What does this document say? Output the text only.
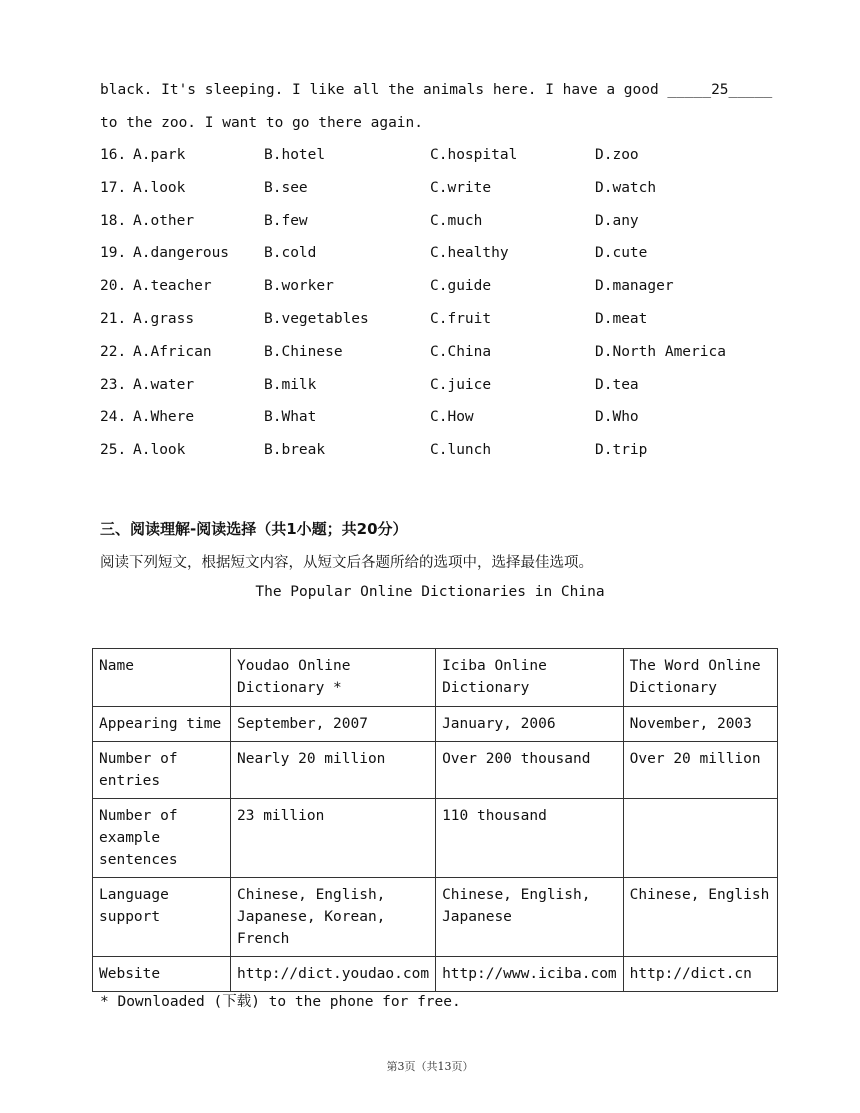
black. It's sleeping. I like all the animals here. I have a good _____25_____
to the zoo. I want to go there again.
16. A.park	B.hotel	C.hospital	D.zoo
17. A.look	B.see	C.write	D.watch
18. A.other	B.few	C.much	D.any
19. A.dangerous B.cold	C.healthy	D.cute
20. A.teacher	B.worker	C.guide	D.manager
21. A.grass	B.vegetables	C.fruit	D.meat
22. A.African	B.Chinese	C.China	D.North America
23. A.water	B.milk	C.juice	D.tea
24. A.Where	B.What	C.How	D.Who
25. A.look	B.break	C.lunch	D.trip
三、阅读理解-阅读选择（共1小题；共20分）
阅读下列短文，根据短文内容，从短文后各题所给的选项中，选择最佳选项。
The Popular Online Dictionaries in China
Name	Youdao Online Dictionary *	Iciba Online Dictionary	The Word Online Dictionary
Appearing time	September, 2007	January, 2006	November, 2003
Number of entries	Nearly 20 million	Over 200 thousand	Over 20 million
Number of example sentences	23 million	110 thousand	
Language support	Chinese, English, Japanese, Korean, French	Chinese, English, Japanese	Chinese, English
Website	http://dict.youdao.com	http://www.iciba.com	http://dict.cn
* Downloaded (下载) to the phone for free.
第3页（共13页）
